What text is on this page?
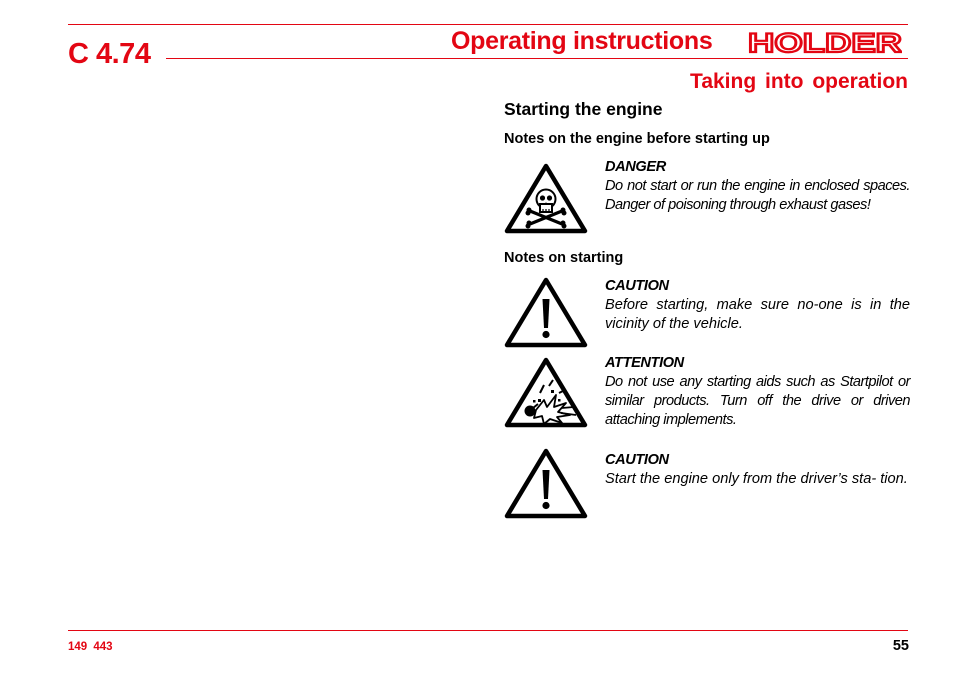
C 4.74	Operating instructions HOLDER
Taking into operation
Starting the engine
Notes on the engine before starting up
DANGER
Do not start or run the engine in enclosed spaces. Danger of poisoning through exhaust gases!
Notes on starting
CAUTION
Before starting, make sure no-one is in the vicinity of the vehicle.
ATTENTION
Do not use any starting aids such as Startpilot or similar products. Turn off the drive or driven attaching implements.
CAUTION
Start the engine only from the driver’s sta- tion.
149 443	55
